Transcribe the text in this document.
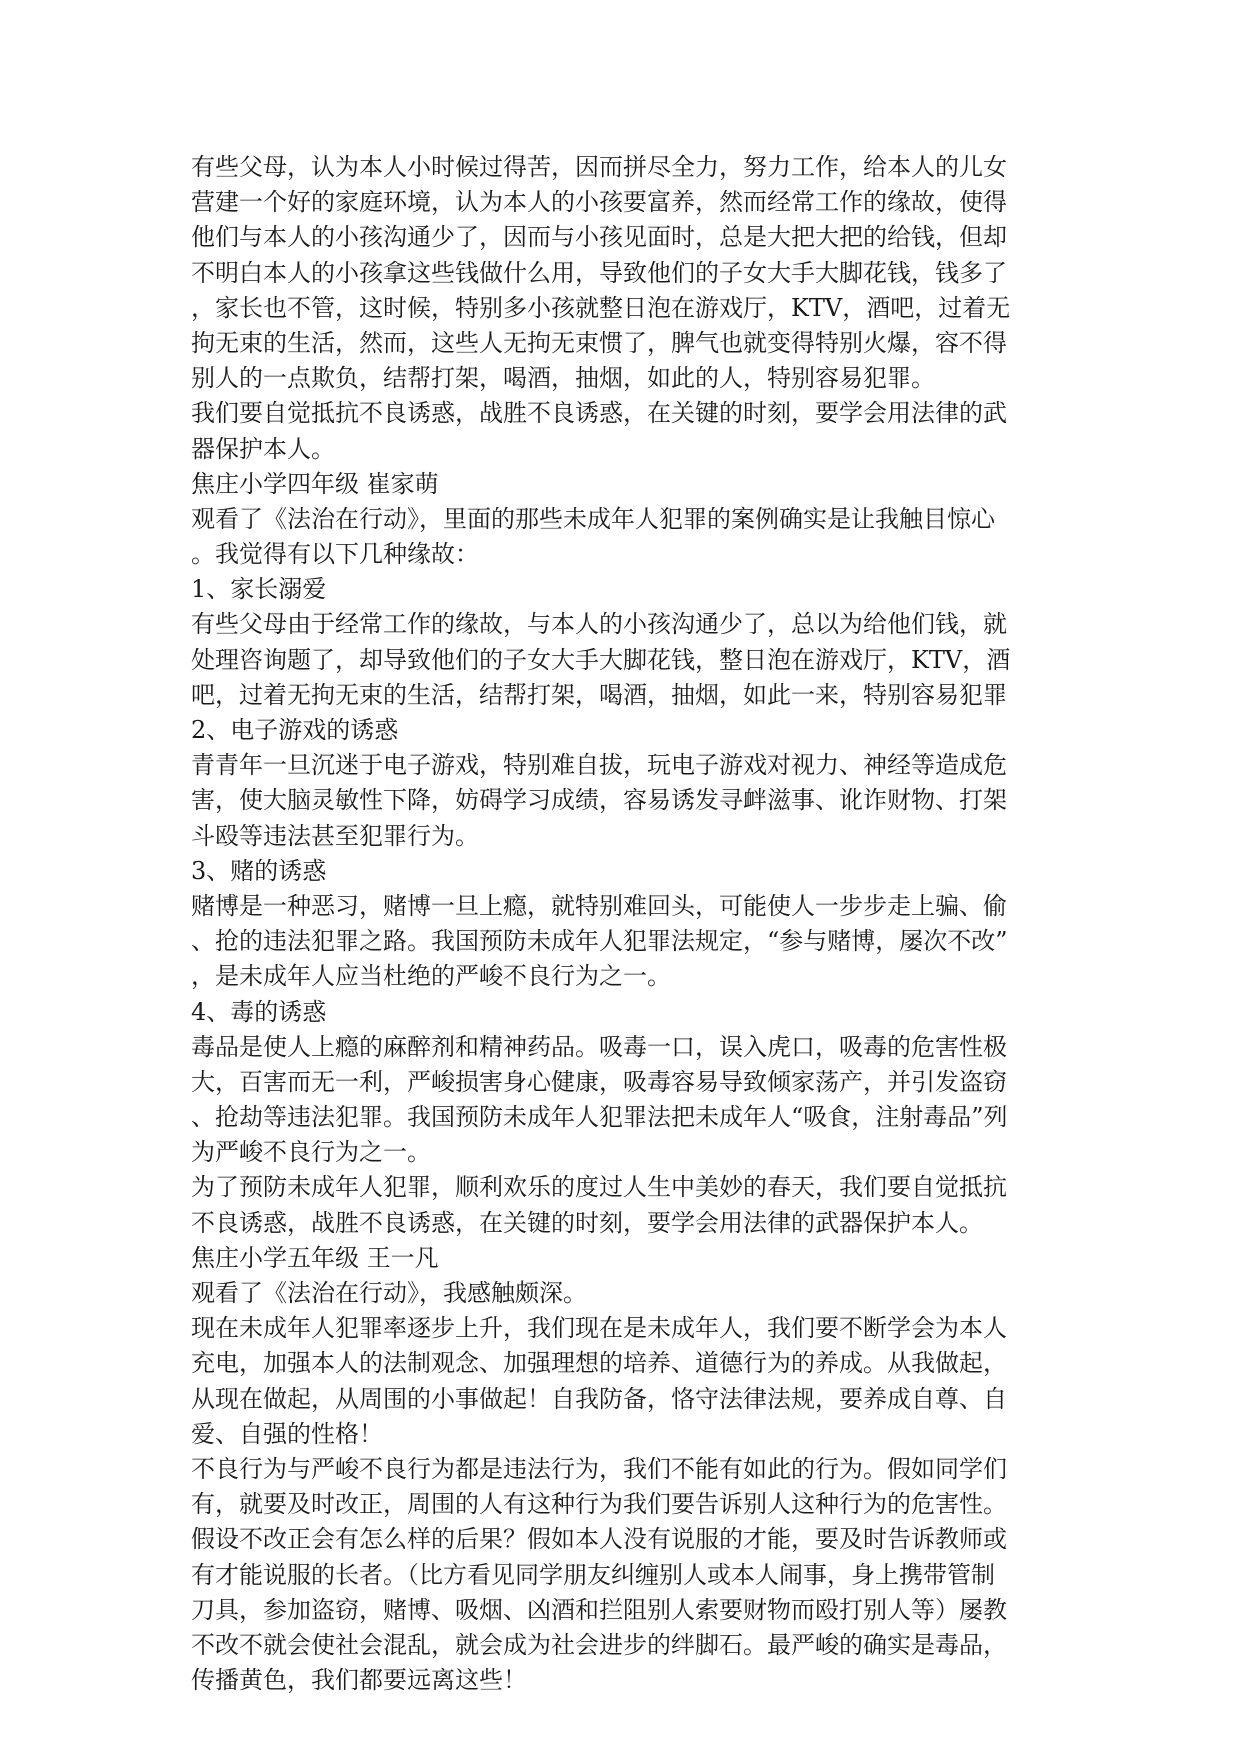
有些父母，认为本人小时候过得苦，因而拼尽全力，努力工作，给本人的儿女
营建一个好的家庭环境，认为本人的小孩要富养，然而经常工作的缘故，使得
他们与本人的小孩沟通少了，因而与小孩见面时，总是大把大把的给钱，但却
不明白本人的小孩拿这些钱做什么用，导致他们的子女大手大脚花钱，钱多了
，家长也不管，这时候，特别多小孩就整日泡在游戏厅，KTV，酒吧，过着无
拘无束的生活，然而，这些人无拘无束惯了，脾气也就变得特别火爆，容不得
别人的一点欺负，结帮打架，喝酒，抽烟，如此的人，特别容易犯罪。
我们要自觉抵抗不良诱惑，战胜不良诱惑，在关键的时刻，要学会用法律的武
器保护本人。
焦庄小学四年级 崔家萌
观看了《法治在行动》，里面的那些未成年人犯罪的案例确实是让我触目惊心
。我觉得有以下几种缘故：
1、家长溺爱
有些父母由于经常工作的缘故，与本人的小孩沟通少了，总以为给他们钱，就
处理咨询题了，却导致他们的子女大手大脚花钱，整日泡在游戏厅，KTV，酒
吧，过着无拘无束的生活，结帮打架，喝酒，抽烟，如此一来，特别容易犯罪
2、电子游戏的诱惑
青青年一旦沉迷于电子游戏，特别难自拔，玩电子游戏对视力、神经等造成危
害，使大脑灵敏性下降，妨碍学习成绩，容易诱发寻衅滋事、讹诈财物、打架
斗殴等违法甚至犯罪行为。
3、赌的诱惑
赌博是一种恶习，赌博一旦上瘾，就特别难回头，可能使人一步步走上骗、偷
、抢的违法犯罪之路。我国预防未成年人犯罪法规定，“参与赌博，屡次不改”
，是未成年人应当杜绝的严峻不良行为之一。
4、毒的诱惑
毒品是使人上瘾的麻醉剂和精神药品。吸毒一口，误入虎口，吸毒的危害性极
大，百害而无一利，严峻损害身心健康，吸毒容易导致倾家荡产，并引发盗窃
、抢劫等违法犯罪。我国预防未成年人犯罪法把未成年人“吸食，注射毒品”列
为严峻不良行为之一。
为了预防未成年人犯罪，顺利欢乐的度过人生中美妙的春天，我们要自觉抵抗
不良诱惑，战胜不良诱惑，在关键的时刻，要学会用法律的武器保护本人。
焦庄小学五年级 王一凡
观看了《法治在行动》，我感触颇深。
现在未成年人犯罪率逐步上升，我们现在是未成年人，我们要不断学会为本人
充电，加强本人的法制观念、加强理想的培养、道德行为的养成。从我做起，
从现在做起，从周围的小事做起！自我防备，恪守法律法规，要养成自尊、自
爱、自强的性格！
不良行为与严峻不良行为都是违法行为，我们不能有如此的行为。假如同学们
有，就要及时改正，周围的人有这种行为我们要告诉别人这种行为的危害性。
假设不改正会有怎么样的后果？假如本人没有说服的才能，要及时告诉教师或
有才能说服的长者。（比方看见同学朋友纠缠别人或本人闹事，身上携带管制
刀具，参加盗窃，赌博、吸烟、凶酒和拦阻别人索要财物而殴打别人等）屡教
不改不就会使社会混乱，就会成为社会进步的绊脚石。最严峻的确实是毒品，
传播黄色，我们都要远离这些！
